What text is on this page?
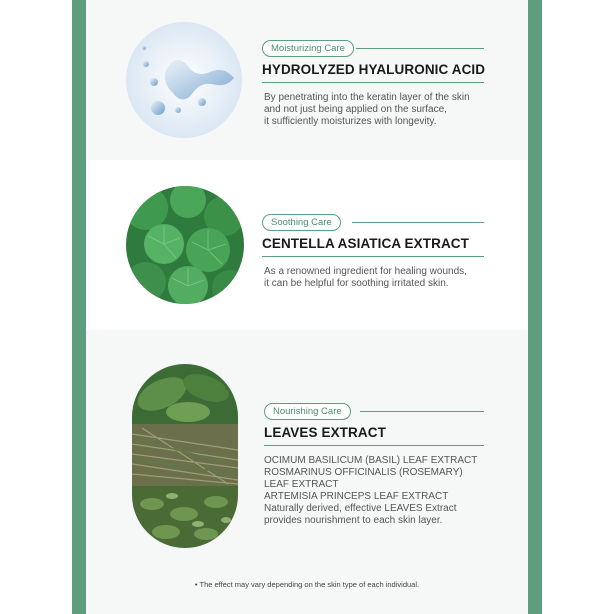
Moisturizing Care
HYDROLYZED HYALURONIC ACID
By penetrating into the keratin layer of the skin
and not just being applied on the surface,
it sufficiently moisturizes with longevity.
Soothing Care
CENTELLA ASIATICA EXTRACT
As a renowned ingredient for healing wounds,
it can be helpful for soothing irritated skin.
Nourishing Care
LEAVES EXTRACT
OCIMUM BASILICUM (BASIL) LEAF EXTRACT
ROSMARINUS OFFICINALIS (ROSEMARY)
LEAF EXTRACT
ARTEMISIA PRINCEPS LEAF EXTRACT
Naturally derived, effective LEAVES Extract
provides nourishment to each skin layer.
• The effect may vary depending on the skin type of each individual.
